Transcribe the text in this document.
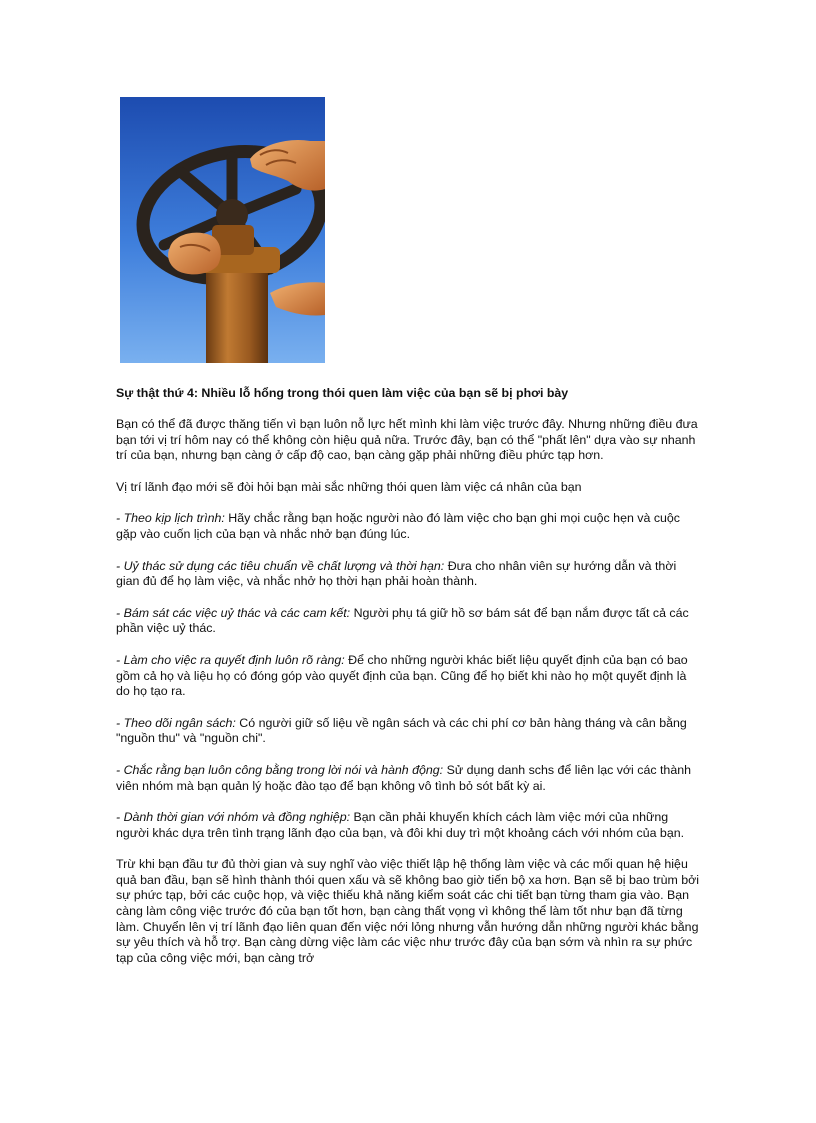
Sự thật thứ 4: Nhiều lỗ hổng trong thói quen làm việc của bạn sẽ bị phơi bày

Bạn có thể đã được thăng tiến vì bạn luôn nỗ lực hết mình khi làm việc trước đây. Nhưng những điều đưa bạn tới vị trí hôm nay có thể không còn hiệu quả nữa. Trước đây, bạn có thể "phất lên" dựa vào sự nhanh trí của bạn, nhưng bạn càng ở cấp độ cao, bạn càng gặp phải những điều phức tạp hơn.

Vị trí lãnh đạo mới sẽ đòi hỏi bạn mài sắc những thói quen làm việc cá nhân của bạn

- Theo kịp lịch trình: Hãy chắc rằng bạn hoặc người nào đó làm việc cho bạn ghi mọi cuộc hẹn và cuộc gặp vào cuốn lịch của bạn và nhắc nhở bạn đúng lúc.

- Uỷ thác sử dụng các tiêu chuẩn về chất lượng và thời hạn: Đưa cho nhân viên sự hướng dẫn và thời gian đủ để họ làm việc, và nhắc nhở họ thời hạn phải hoàn thành.

- Bám sát các việc uỷ thác và các cam kết: Người phụ tá giữ hồ sơ bám sát để bạn nắm được tất cả các phần việc uỷ thác.

- Làm cho việc ra quyết định luôn rõ ràng: Để cho những người khác biết liệu quyết định của bạn có bao gồm cả họ và liệu họ có đóng góp vào quyết định của bạn. Cũng để họ biết khi nào họ một quyết định là do họ tạo ra.

- Theo dõi ngân sách: Có người giữ số liệu về ngân sách và các chi phí cơ bản hàng tháng và cân bằng "nguồn thu" và "nguồn chi".

- Chắc rằng bạn luôn công bằng trong lời nói và hành động: Sử dụng danh schs để liên lạc với các thành viên nhóm mà bạn quản lý hoặc đào tạo để bạn không vô tình bỏ sót bất kỳ ai.

- Dành thời gian với nhóm và đồng nghiệp: Bạn cần phải khuyến khích cách làm việc mới của những người khác dựa trên tình trạng lãnh đạo của bạn, và đôi khi duy trì một khoảng cách với nhóm của bạn.

Trừ khi bạn đầu tư đủ thời gian và suy nghĩ vào việc thiết lập hệ thống làm việc và các mối quan hệ hiệu quả ban đầu, bạn sẽ hình thành thói quen xấu và sẽ không bao giờ tiến bộ xa hơn. Bạn sẽ bị bao trùm bởi sự phức tạp, bởi các cuộc họp, và việc thiếu khả năng kiểm soát các chi tiết bạn từng tham gia vào. Bạn càng làm công việc trước đó của bạn tốt hơn, bạn càng thất vọng vì không thể làm tốt như bạn đã từng làm. Chuyển lên vị trí lãnh đạo liên quan đến việc nới lỏng nhưng vẫn hướng dẫn những người khác bằng sự yêu thích và hỗ trợ. Bạn càng dừng việc làm các việc như trước đây của bạn sớm và nhìn ra sự phức tạp của công việc mới, bạn càng trở
